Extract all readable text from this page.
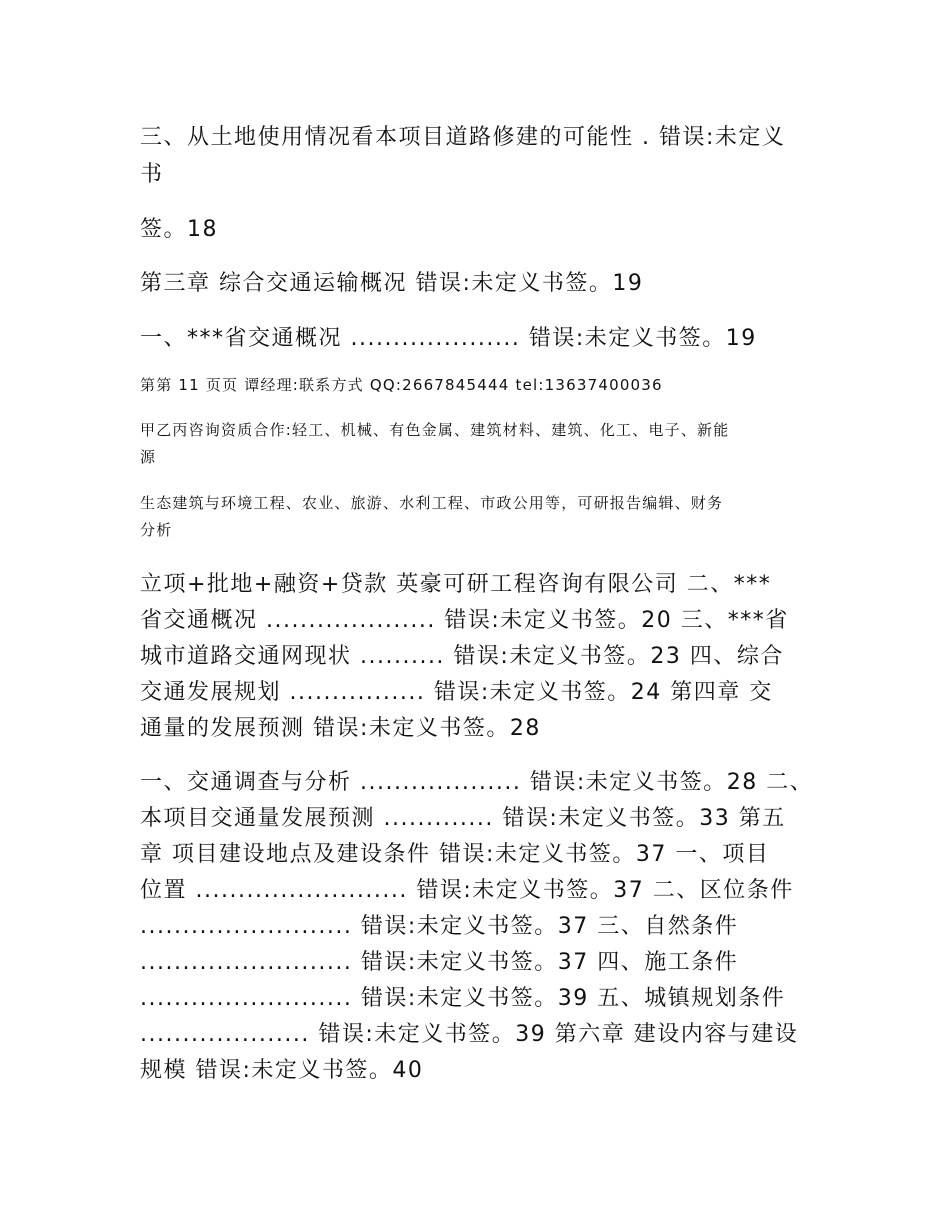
三、从土地使用情况看本项目道路修建的可能性 . 错误:未定义
书
签。18
第三章 综合交通运输概况 错误:未定义书签。19
一、***省交通概况 .................... 错误:未定义书签。19
第第 11 页页 谭经理:联系方式 QQ:2667845444 tel:13637400036
甲乙丙咨询资质合作:轻工、机械、有色金属、建筑材料、建筑、化工、电子、新能
源
生态建筑与环境工程、农业、旅游、水利工程、市政公用等，可研报告编辑、财务
分析
立项+批地+融资+贷款 英豪可研工程咨询有限公司 二、***
省交通概况 .................... 错误:未定义书签。20 三、***省
城市道路交通网现状 .......... 错误:未定义书签。23 四、综合
交通发展规划 ................ 错误:未定义书签。24 第四章 交
通量的发展预测 错误:未定义书签。28
一、交通调查与分析 ................... 错误:未定义书签。28 二、
本项目交通量发展预测 ............. 错误:未定义书签。33 第五
章 项目建设地点及建设条件 错误:未定义书签。37 一、项目
位置 ......................... 错误:未定义书签。37 二、区位条件
......................... 错误:未定义书签。37 三、自然条件
......................... 错误:未定义书签。37 四、施工条件
......................... 错误:未定义书签。39 五、城镇规划条件
.................... 错误:未定义书签。39 第六章 建设内容与建设
规模 错误:未定义书签。40
